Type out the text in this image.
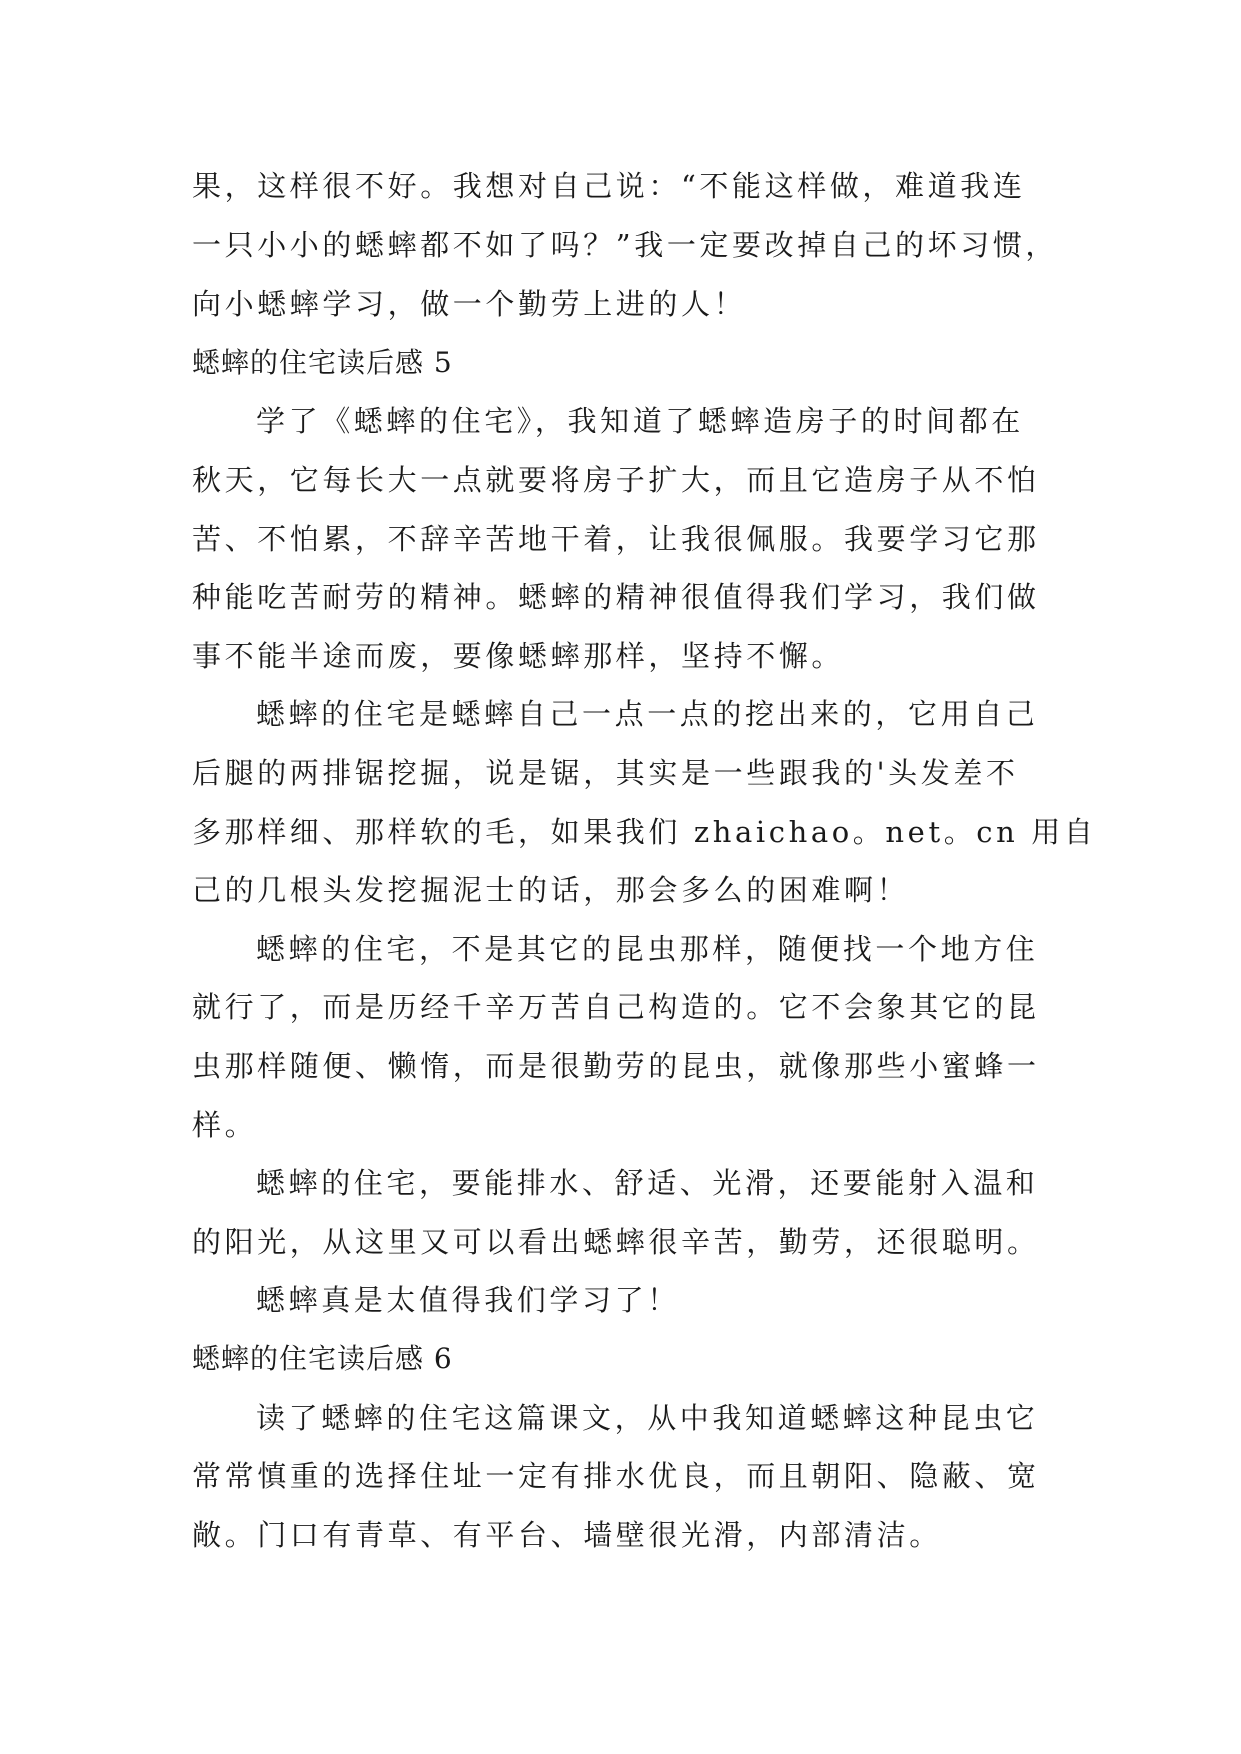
果，这样很不好。我想对自己说：“不能这样做，难道我连
一只小小的蟋蟀都不如了吗？”我一定要改掉自己的坏习惯，
向小蟋蟀学习，做一个勤劳上进的人！
蟋蟀的住宅读后感 5
学了《蟋蟀的住宅》，我知道了蟋蟀造房子的时间都在
秋天，它每长大一点就要将房子扩大，而且它造房子从不怕
苦、不怕累，不辞辛苦地干着，让我很佩服。我要学习它那
种能吃苦耐劳的精神。蟋蟀的精神很值得我们学习，我们做
事不能半途而废，要像蟋蟀那样，坚持不懈。
蟋蟀的住宅是蟋蟀自己一点一点的挖出来的，它用自己
后腿的两排锯挖掘，说是锯，其实是一些跟我的'头发差不
多那样细、那样软的毛，如果我们 zhaichao。net。cn 用自
己的几根头发挖掘泥士的话，那会多么的困难啊！
蟋蟀的住宅，不是其它的昆虫那样，随便找一个地方住
就行了，而是历经千辛万苦自己构造的。它不会象其它的昆
虫那样随便、懒惰，而是很勤劳的昆虫，就像那些小蜜蜂一
样。
蟋蟀的住宅，要能排水、舒适、光滑，还要能射入温和
的阳光，从这里又可以看出蟋蟀很辛苦，勤劳，还很聪明。
蟋蟀真是太值得我们学习了！
蟋蟀的住宅读后感 6
读了蟋蟀的住宅这篇课文，从中我知道蟋蟀这种昆虫它
常常慎重的选择住址一定有排水优良，而且朝阳、隐蔽、宽
敞。门口有青草、有平台、墙壁很光滑，内部清洁。
